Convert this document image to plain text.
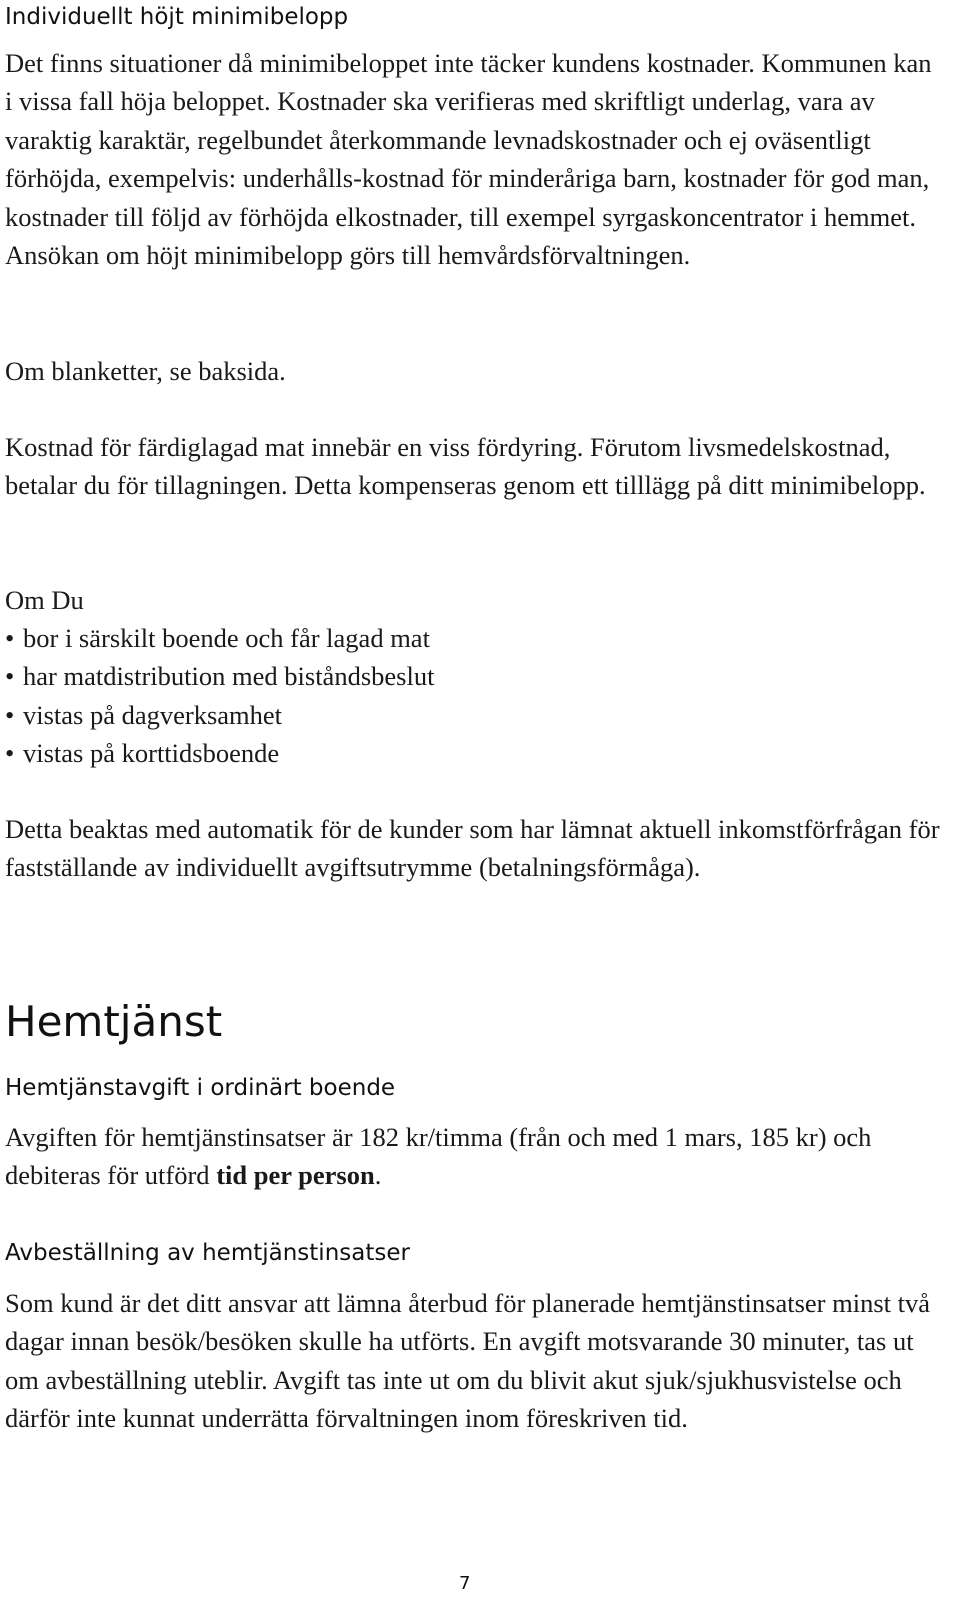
Individuellt höjt minimibelopp

Det finns situationer då minimibeloppet inte täcker kundens kostnader. Kommunen kan i vissa fall höja beloppet. Kostnader ska verifieras med skriftligt underlag, vara av varaktig karaktär, regelbundet återkommande levnadskostnader och ej oväsentligt förhöjda, exempelvis: underhålls-kostnad för minderåriga barn, kostnader för god man, kostnader till följd av förhöjda elkostnader, till exempel syrgaskoncentrator i hemmet. Ansökan om höjt minimibelopp görs till hemvårdsförvaltningen.

Om blanketter, se baksida.

Kostnad för färdiglagad mat innebär en viss fördyring. Förutom livsmedelskostnad, betalar du för tillagningen. Detta kompenseras genom ett tilllägg på ditt minimibelopp.

Om Du

• bor i särskilt boende och får lagad mat
• har matdistribution med biståndsbeslut
• vistas på dagverksamhet
• vistas på korttidsboende

Detta beaktas med automatik för de kunder som har lämnat aktuell inkomstförfrågan för fastställande av individuellt avgiftsutrymme (betalningsförmåga).

Hemtjänst
Hemtjänstavgift i ordinärt boende

Avgiften för hemtjänstinsatser är 182 kr/timma (från och med 1 mars, 185 kr) och debiteras för utförd tid per person.

Avbeställning av hemtjänstinsatser

Som kund är det ditt ansvar att lämna återbud för planerade hemtjänstinsatser minst två dagar innan besök/besöken skulle ha utförts. En avgift motsvarande 30 minuter, tas ut om avbeställning uteblir. Avgift tas inte ut om du blivit akut sjuk/sjukhusvistelse och därför inte kunnat underrätta förvaltningen inom föreskriven tid.

7
